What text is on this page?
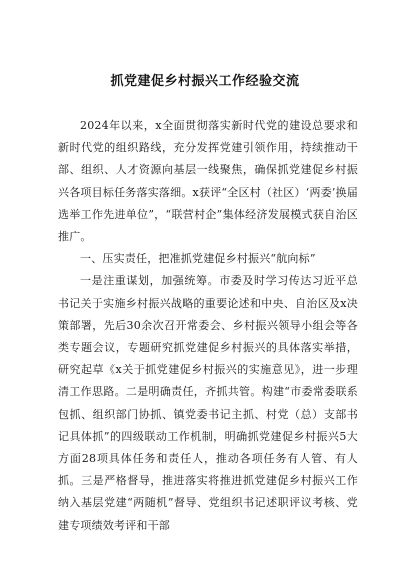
抓党建促乡村振兴工作经验交流

2024年以来，x全面贯彻落实新时代党的建设总要求和新时代党的组织路线，充分发挥党建引领作用，持续推动干部、组织、人才资源向基层一线聚焦，确保抓党建促乡村振兴各项目标任务落实落细。x获评“全区村（社区）‘两委’换届选举工作先进单位”，“联营村企”集体经济发展模式获自治区推广。

一、压实责任，把准抓党建促乡村振兴“航向标”

一是注重谋划，加强统筹。市委及时学习传达习近平总书记关于实施乡村振兴战略的重要论述和中央、自治区及x决策部署，先后30余次召开常委会、乡村振兴领导小组会等各类专题会议，专题研究抓党建促乡村振兴的具体落实举措，研究起草《x关于抓党建促乡村振兴的实施意见》，进一步理清工作思路。二是明确责任，齐抓共管。构建“市委常委联系包抓、组织部门协抓、镇党委书记主抓、村党（总）支部书记具体抓”的四级联动工作机制，明确抓党建促乡村振兴5大方面28项具体任务和责任人，推动各项任务有人管、有人抓。三是严格督导，推进落实将推进抓党建促乡村振兴工作纳入基层党建“两随机”督导、党组织书记述职评议考核、党建专项绩效考评和干部
